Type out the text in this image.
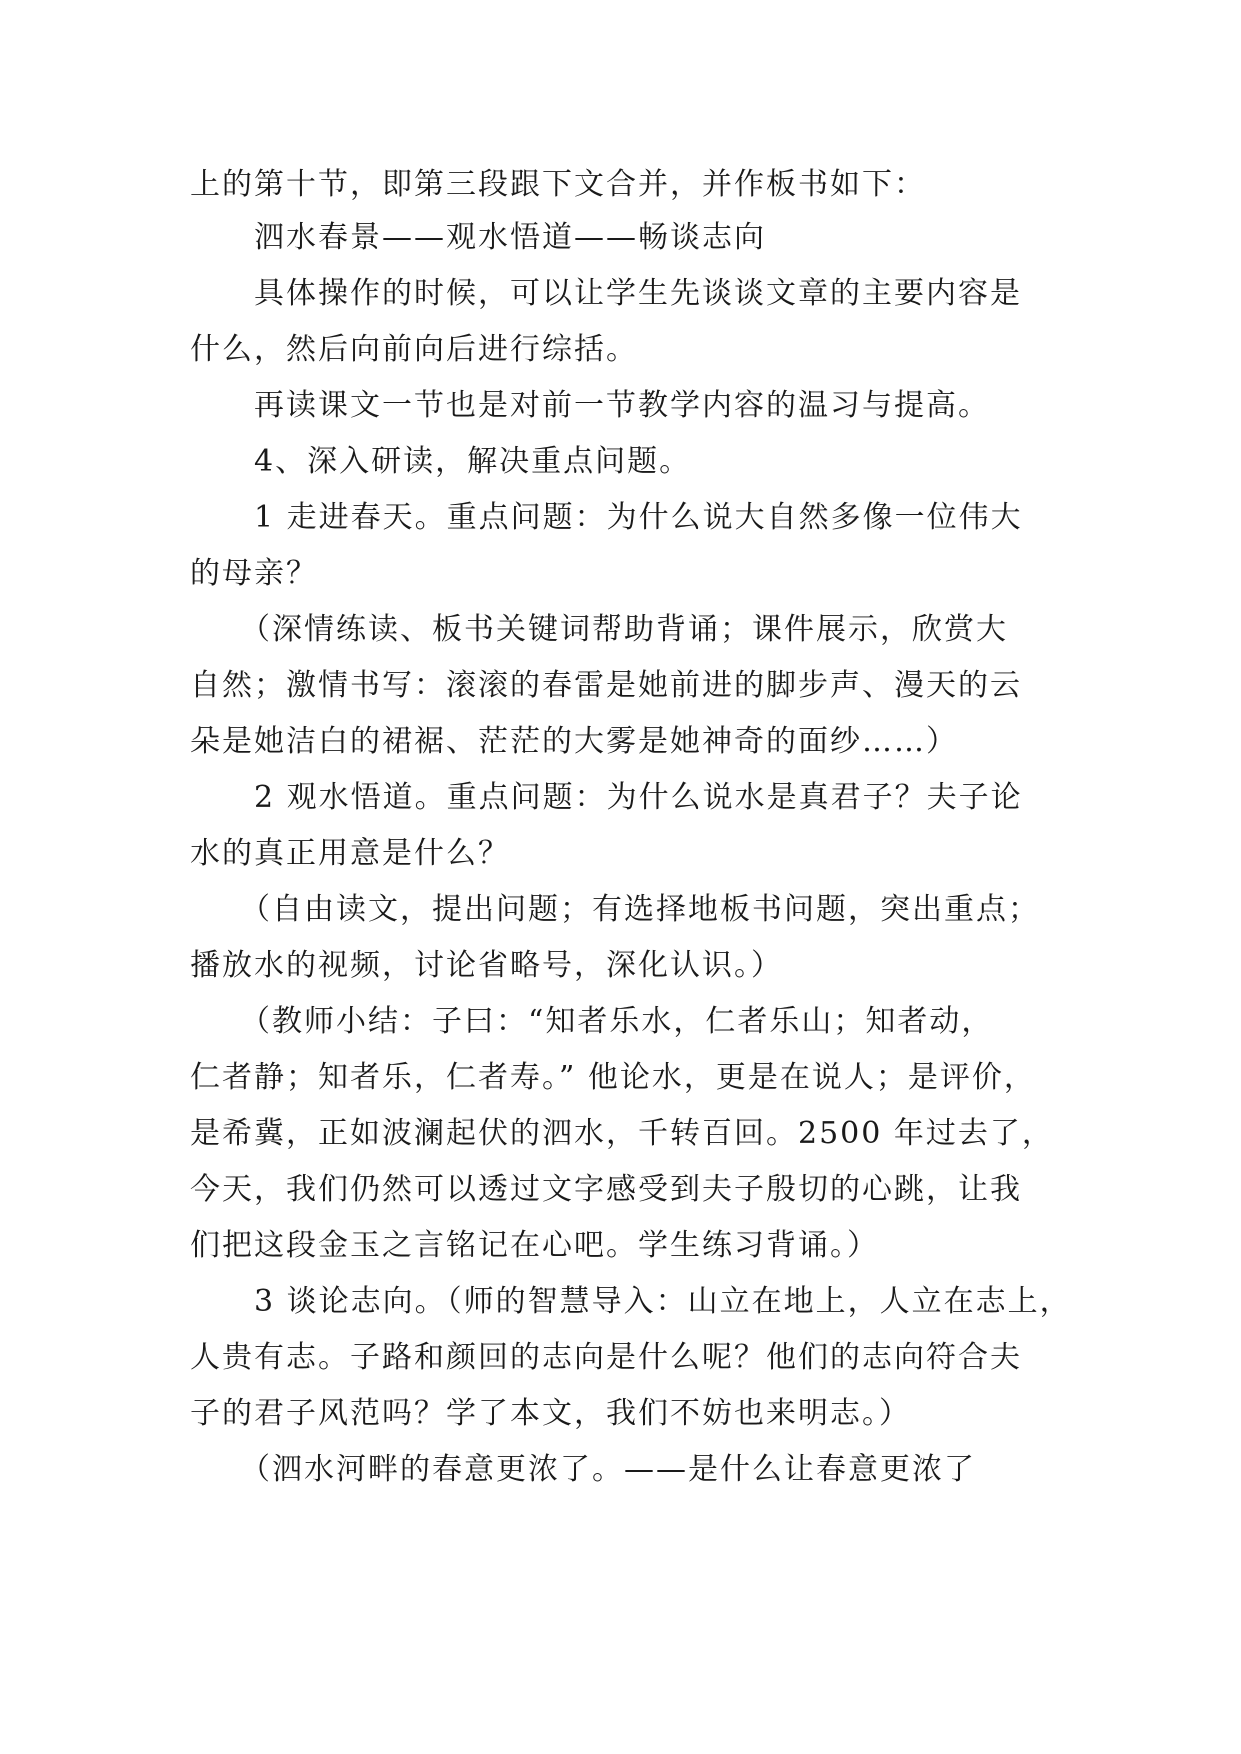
上的第十节，即第三段跟下文合并，并作板书如下：
泗水春景——观水悟道——畅谈志向
具体操作的时候，可以让学生先谈谈文章的主要内容是
什么，然后向前向后进行综括。
再读课文一节也是对前一节教学内容的温习与提高。
4、深入研读，解决重点问题。
1 走进春天。重点问题：为什么说大自然多像一位伟大
的母亲？
（深情练读、板书关键词帮助背诵；课件展示，欣赏大
自然；激情书写：滚滚的春雷是她前进的脚步声、漫天的云
朵是她洁白的裙裾、茫茫的大雾是她神奇的面纱……）
2 观水悟道。重点问题：为什么说水是真君子？夫子论
水的真正用意是什么？
（自由读文，提出问题；有选择地板书问题，突出重点；
播放水的视频，讨论省略号，深化认识。）
（教师小结：子曰：“知者乐水，仁者乐山；知者动，
仁者静；知者乐，仁者寿。” 他论水，更是在说人；是评价，
是希冀，正如波澜起伏的泗水，千转百回。2500 年过去了，
今天，我们仍然可以透过文字感受到夫子殷切的心跳，让我
们把这段金玉之言铭记在心吧。学生练习背诵。）
3 谈论志向。（师的智慧导入：山立在地上，人立在志上，
人贵有志。子路和颜回的志向是什么呢？他们的志向符合夫
子的君子风范吗？学了本文，我们不妨也来明志。）
（泗水河畔的春意更浓了。——是什么让春意更浓了
